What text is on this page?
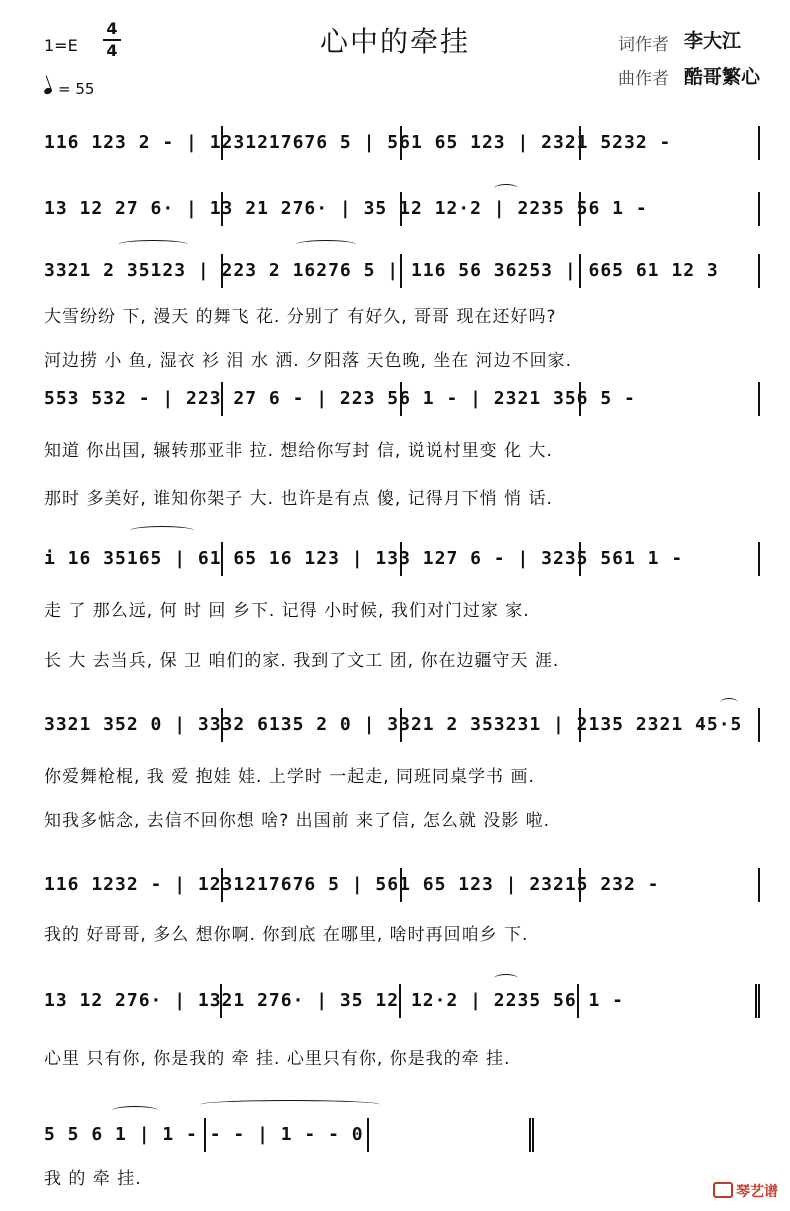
心中的牵挂
1=E
4
4
= 55
词作者 李大江
曲作者 酷哥繁心
116 123 2 - | 1231217676 5 | 561 65 123 | 2321 5232 -
13 12 27 6· | 13 21 276· | 35 12 12·2 | 2235 56 1 -
3321 2 35123 | 223 2 16276 5 | 116 56 36253 | 665 61 12 3
大雪纷纷 下, 漫天 的舞飞 花. 分别了 有好久, 哥哥 现在还好吗?
河边捞 小 鱼, 湿衣 衫 泪 水 洒. 夕阳落 天色晚, 坐在 河边不回家.
553 532 - | 223 27 6 - | 223 56 1 - | 2321 356 5 -
知道 你出国, 辗转那亚非 拉. 想给你写封 信, 说说村里变 化 大.
那时 多美好, 谁知你架子 大. 也许是有点 傻, 记得月下悄 悄 话.
i 16 35165 | 61 65 16 123 | 133 127 6 - | 3235 561 1 -
走 了 那么远, 何 时 回 乡下. 记得 小时候, 我们对门过家 家.
长 大 去当兵, 保 卫 咱们的家. 我到了文工 团, 你在边疆守天 涯.
3321 352 0 | 3332 6135 2 0 | 3321 2 353231 | 2135 2321 45·5
你爱舞枪棍, 我 爱 抱娃 娃. 上学时 一起走, 同班同桌学书 画.
知我多惦念, 去信不回你想 啥? 出国前 来了信, 怎么就 没影 啦.
116 1232 - | 1231217676 5 | 561 65 123 | 23215 232 -
我的 好哥哥, 多么 想你啊. 你到底 在哪里, 啥时再回咱乡 下.
13 12 276· | 1321 276· | 35 12 12·2 | 2235 56 1 -
心里 只有你, 你是我的 牵 挂. 心里只有你, 你是我的牵 挂.
5 5 6 1 | 1 - - - | 1 - - 0
我 的 牵 挂.
琴艺谱
